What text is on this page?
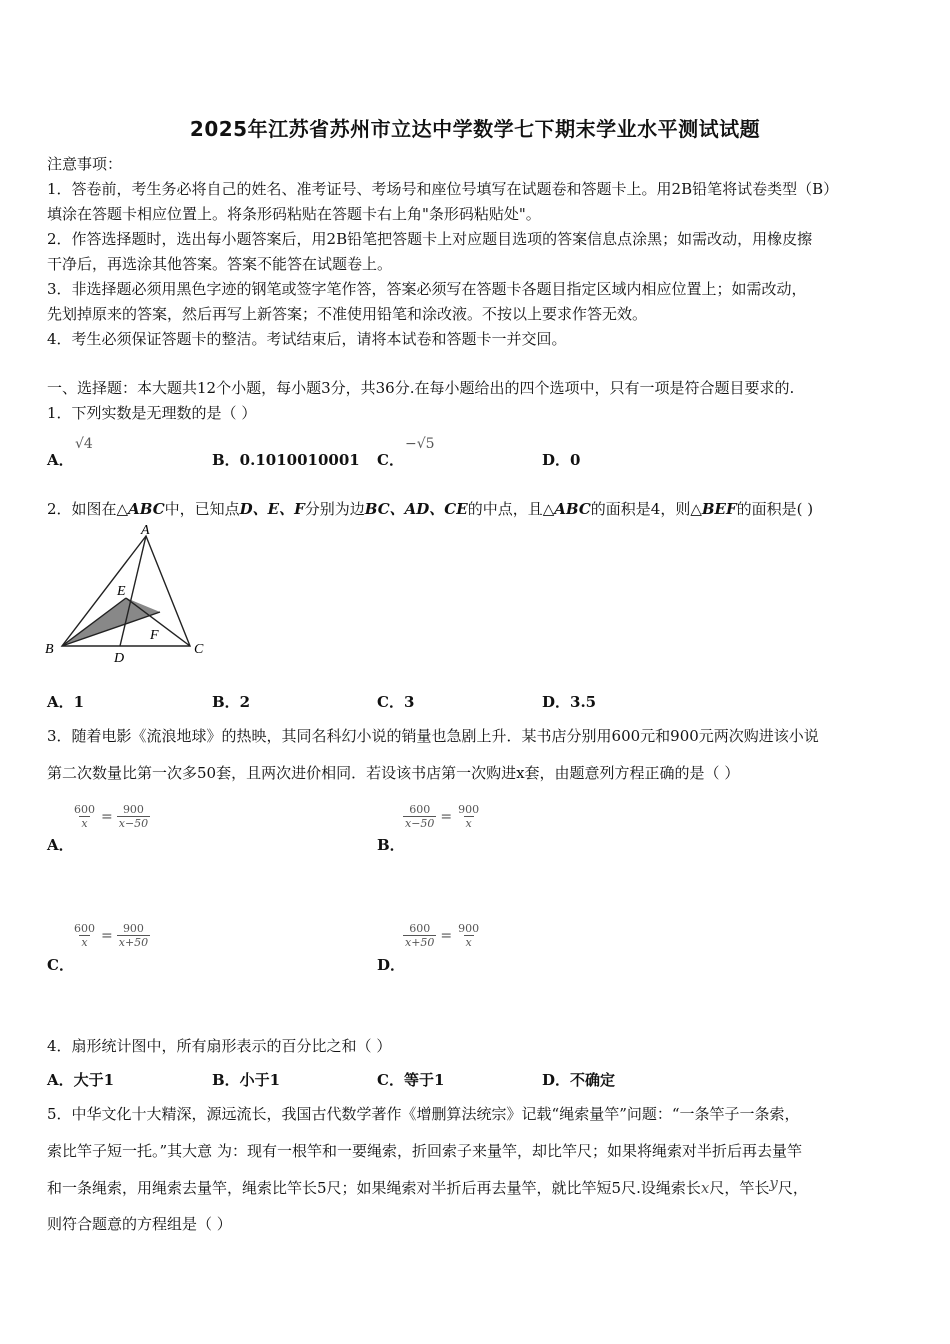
2025年江苏省苏州市立达中学数学七下期末学业水平测试试题
注意事项：
1．答卷前，考生务必将自己的姓名、准考证号、考场号和座位号填写在试题卷和答题卡上。用2B铅笔将试卷类型（B）
填涂在答题卡相应位置上。将条形码粘贴在答题卡右上角"条形码粘贴处"。
2．作答选择题时，选出每小题答案后，用2B铅笔把答题卡上对应题目选项的答案信息点涂黑；如需改动，用橡皮擦
干净后，再选涂其他答案。答案不能答在试题卷上。
3．非选择题必须用黑色字迹的钢笔或签字笔作答，答案必须写在答题卡各题目指定区域内相应位置上；如需改动，
先划掉原来的答案，然后再写上新答案；不准使用铅笔和涂改液。不按以上要求作答无效。
4．考生必须保证答题卡的整洁。考试结束后，请将本试卷和答题卡一并交回。
一、选择题：本大题共12个小题，每小题3分，共36分.在每小题给出的四个选项中，只有一项是符合题目要求的.
1．下列实数是无理数的是（ ）
A．
√4
B．0.1010010001 C．
−√5
D．0
2．如图在△ABC中，已知点D、E、F分别为边BC、AD、CE的中点，且△ABC的面积是4，则△BEF的面积是( )
A
B	C
D
E
F
A．1	B．2	C．3	D．3.5
3．随着电影《流浪地球》的热映，其同名科幻小说的销量也急剧上升．某书店分别用600元和900元两次购进该小说
第二次数量比第一次多50套，且两次进价相同．若设该书店第一次购进x套，由题意列方程正确的是（ ）
$\frac{600}{x} = \frac{900}{x-50}$
A．
$\frac{600}{x-50} = \frac{900}{x}$
B．
$\frac{600}{x} = \frac{900}{x+50}$
C．
$\frac{600}{x+50} = \frac{900}{x}$
D．
4．扇形统计图中，所有扇形表示的百分比之和（ ）
A．大于1	B．小于1	C．等于1	D．不确定
5．中华文化十大精深，源远流长，我国古代数学著作《增删算法统宗》记载“绳索量竿”问题：“一条竿子一条索，
索比竿子短一托。”其大意 为：现有一根竿和一要绳索，折回索子来量竿，却比竿尺；如果将绳索对半折后再去量竿
和一条绳索，用绳索去量竿，绳索比竿长5尺；如果绳索对半折后再去量竿，就比竿短5尺.设绳索长x尺，竿长y尺，
则符合题意的方程组是（ ）
